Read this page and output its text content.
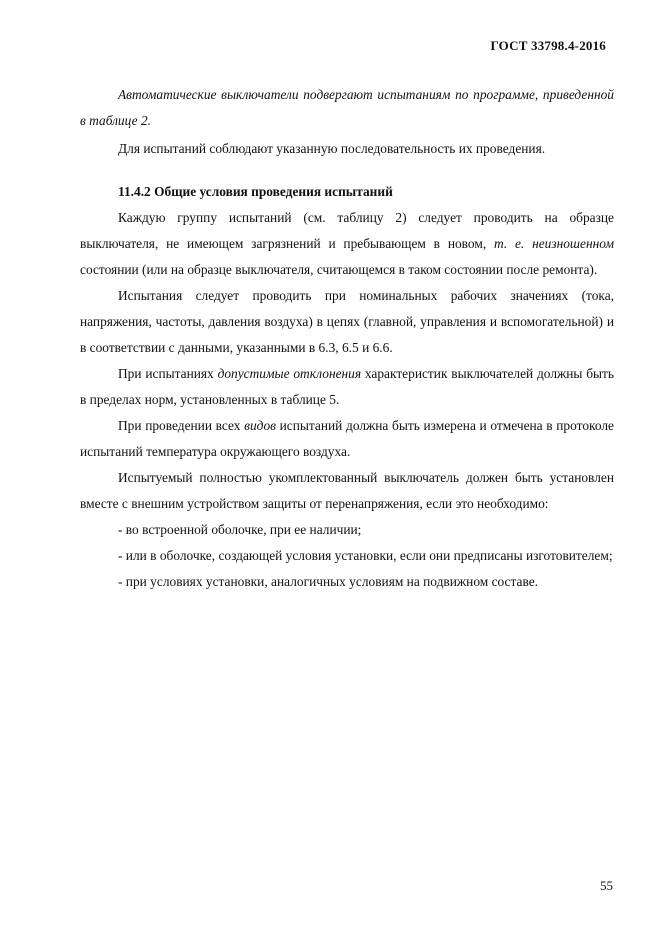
ГОСТ 33798.4-2016

Автоматические выключатели подвергают испытаниям по программе, приведенной в таблице 2.

Для испытаний соблюдают указанную последовательность их проведения.

11.4.2 Общие условия проведения испытаний

Каждую группу испытаний (см. таблицу 2) следует проводить на образце выключателя, не имеющем загрязнений и пребывающем в новом, т. е. неизношенном состоянии (или на образце выключателя, считающемся в таком состоянии после ремонта).

Испытания следует проводить при номинальных рабочих значениях (тока, напряжения, частоты, давления воздуха) в цепях (главной, управления и вспомогательной) и в соответствии с данными, указанными в 6.3, 6.5 и 6.6.

При испытаниях допустимые отклонения характеристик выключателей должны быть в пределах норм, установленных в таблице 5.

При проведении всех видов испытаний должна быть измерена и отмечена в протоколе испытаний температура окружающего воздуха.

Испытуемый полностью укомплектованный выключатель должен быть установлен вместе с внешним устройством защиты от перенапряжения, если это необходимо:

- во встроенной оболочке, при ее наличии;

- или в оболочке, создающей условия установки, если они предписаны изготовителем;

- при условиях установки, аналогичных условиям на подвижном составе.

55
